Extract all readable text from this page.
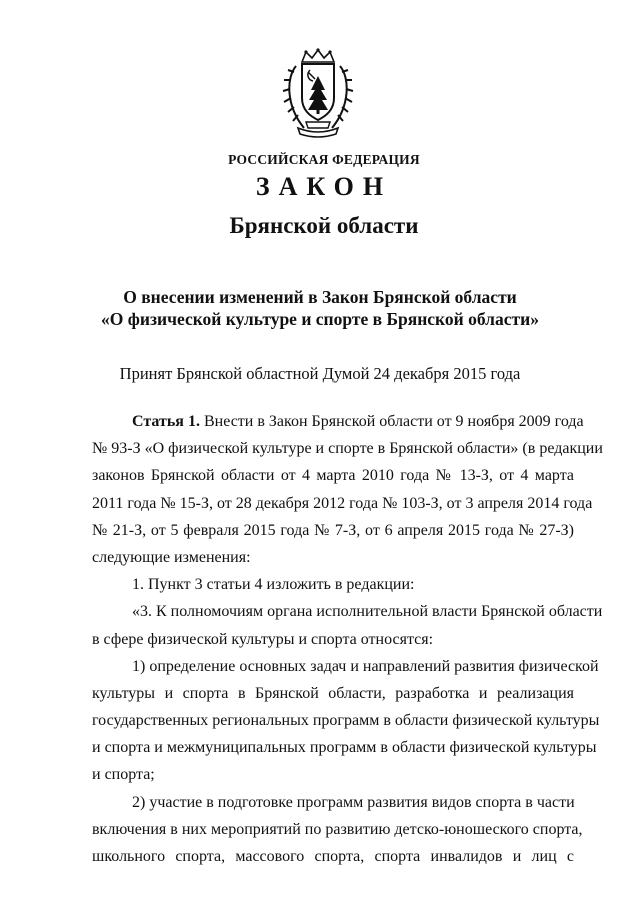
РОССИЙСКАЯ ФЕДЕРАЦИЯ
ЗАКОН
Брянской области
О внесении изменений в Закон Брянской области
«О физической культуре и спорте в Брянской области»
Принят Брянской областной Думой 24 декабря 2015 года
Статья 1. Внести в Закон Брянской области от 9 ноября 2009 года
№ 93-З «О физической культуре и спорте в Брянской области» (в редакции
законов Брянской области от 4 марта 2010 года № 13-З, от 4 марта
2011 года № 15-З, от 28 декабря 2012 года № 103-З, от 3 апреля 2014 года
№ 21-З, от 5 февраля 2015 года № 7-З, от 6 апреля 2015 года № 27-З)
следующие изменения:
1. Пункт 3 статьи 4 изложить в редакции:
«3. К полномочиям органа исполнительной власти Брянской области
в сфере физической культуры и спорта относятся:
1) определение основных задач и направлений развития физической
культуры и спорта в Брянской области, разработка и реализация
государственных региональных программ в области физической культуры
и спорта и межмуниципальных программ в области физической культуры
и спорта;
2) участие в подготовке программ развития видов спорта в части
включения в них мероприятий по развитию детско-юношеского спорта,
школьного спорта, массового спорта, спорта инвалидов и лиц с
